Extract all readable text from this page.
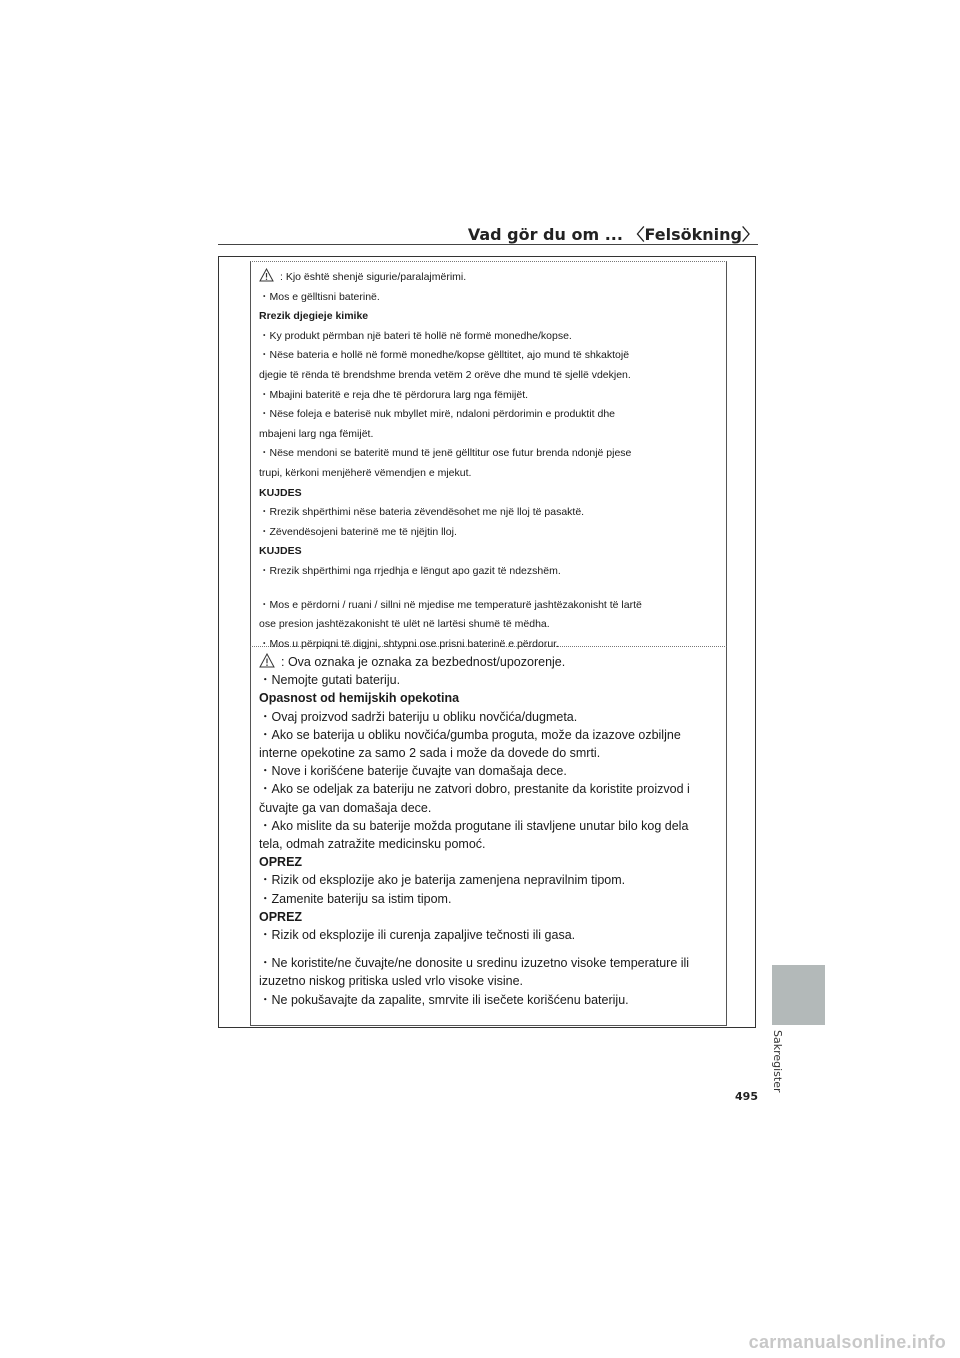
Vad gör du om ... 〈Felsökning〉

: Kjo është shenjë sigurie/paralajmërimi.

・Mos e gëlltisni baterinë.

Rrezik djegieje kimike

・Ky produkt përmban një bateri të hollë në formë monedhe/kopse.

・Nëse bateria e hollë në formë monedhe/kopse gëlltitet, ajo mund të shkaktojë

djegie të rënda të brendshme brenda vetëm 2 orëve dhe mund të sjellë vdekjen.

・Mbajini bateritë e reja dhe të përdorura larg nga fëmijët.

・Nëse foleja e baterisë nuk mbyllet mirë, ndaloni përdorimin e produktit dhe

mbajeni larg nga fëmijët.

・Nëse mendoni se bateritë mund të jenë gëlltitur ose futur brenda ndonjë pjese

trupi, kërkoni menjëherë vëmendjen e mjekut.

KUJDES

・Rrezik shpërthimi nëse bateria zëvendësohet me një lloj të pasaktë.

・Zëvendësojeni baterinë me të njëjtin lloj.

KUJDES

・Rrezik shpërthimi nga rrjedhja e lëngut apo gazit të ndezshëm.

・Mos e përdorni / ruani / sillni në mjedise me temperaturë jashtëzakonisht të lartë

ose presion jashtëzakonisht të ulët në lartësi shumë të mëdha.

・Mos u përpiqni të digjni, shtypni ose prisni baterinë e përdorur.

: Ova oznaka je oznaka za bezbednost/upozorenje.

・Nemojte gutati bateriju.

Opasnost od hemijskih opekotina

・Ovaj proizvod sadrži bateriju u obliku novčića/dugmeta.

・Ako se baterija u obliku novčića/gumba proguta, može da izazove ozbiljne

interne opekotine za samo 2 sada i može da dovede do smrti.

・Nove i korišćene baterije čuvajte van domašaja dece.

・Ako se odeljak za bateriju ne zatvori dobro, prestanite da koristite proizvod i

čuvajte ga van domašaja dece.

・Ako mislite da su baterije možda progutane ili stavljene unutar bilo kog dela

tela, odmah zatražite medicinsku pomoć.

OPREZ

・Rizik od eksplozije ako je baterija zamenjena nepravilnim tipom.

・Zamenite bateriju sa istim tipom.

OPREZ

・Rizik od eksplozije ili curenja zapaljive tečnosti ili gasa.

・Ne koristite/ne čuvajte/ne donosite u sredinu izuzetno visoke temperature ili

izuzetno niskog pritiska usled vrlo visoke visine.

・Ne pokušavajte da zapalite, smrvite ili isečete korišćenu bateriju.

Sakregister
495
carmanualsonline.info
